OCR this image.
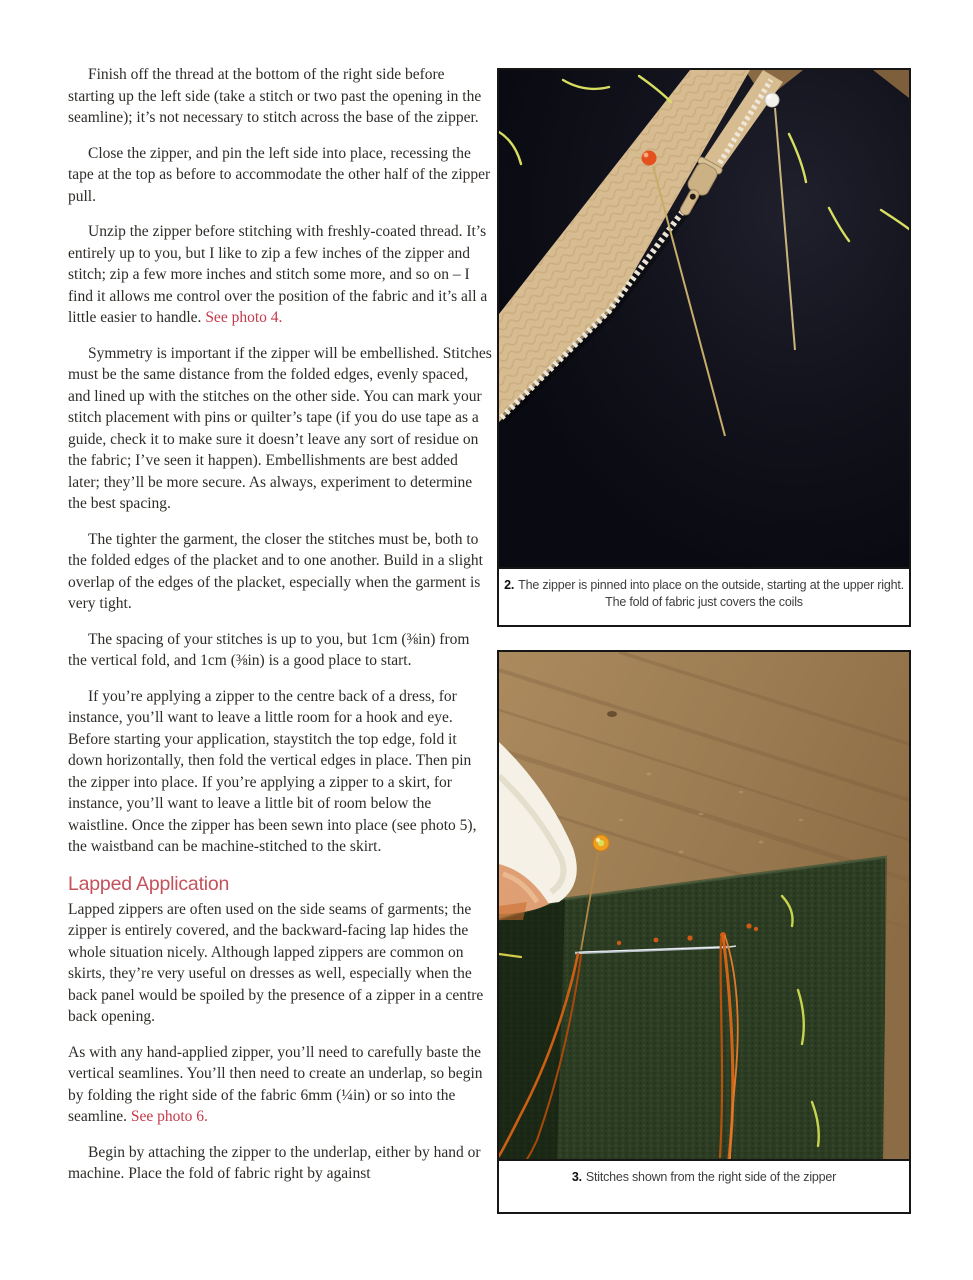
Finish off the thread at the bottom of the right side before starting up the left side (take a stitch or two past the opening in the seamline); it’s not necessary to stitch across the base of the zipper.

Close the zipper, and pin the left side into place, recessing the tape at the top as before to accommodate the other half of the zipper pull.

Unzip the zipper before stitching with freshly-coated thread. It’s entirely up to you, but I like to zip a few inches of the zipper and stitch; zip a few more inches and stitch some more, and so on – I find it allows me control over the position of the fabric and it’s all a little easier to handle. See photo 4.

Symmetry is important if the zipper will be embellished. Stitches must be the same distance from the folded edges, evenly spaced, and lined up with the stitches on the other side. You can mark your stitch placement with pins or quilter’s tape (if you do use tape as a guide, check it to make sure it doesn’t leave any sort of residue on the fabric; I’ve seen it happen). Embellishments are best added later; they’ll be more secure. As always, experiment to determine the best spacing.

The tighter the garment, the closer the stitches must be, both to the folded edges of the placket and to one another. Build in a slight overlap of the edges of the placket, especially when the garment is very tight.

The spacing of your stitches is up to you, but 1cm (⅜in) from the vertical fold, and 1cm (⅜in) is a good place to start.

If you’re applying a zipper to the centre back of a dress, for instance, you’ll want to leave a little room for a hook and eye. Before starting your application, staystitch the top edge, fold it down horizontally, then fold the vertical edges in place. Then pin the zipper into place. If you’re applying a zipper to a skirt, for instance, you’ll want to leave a little bit of room below the waistline. Once the zipper has been sewn into place (see photo 5), the waistband can be machine-stitched to the skirt.

Lapped Application

Lapped zippers are often used on the side seams of garments; the zipper is entirely covered, and the backward-facing lap hides the whole situation nicely. Although lapped zippers are common on skirts, they’re very useful on dresses as well, especially when the back panel would be spoiled by the presence of a zipper in a centre back opening.

As with any hand-applied zipper, you’ll need to carefully baste the vertical seamlines. You’ll then need to create an underlap, so begin by folding the right side of the fabric 6mm (¼in) or so into the seamline. See photo 6.

Begin by attaching the zipper to the underlap, either by hand or machine. Place the fold of fabric right by against

2. The zipper is pinned into place on the outside, starting at the upper right. The fold of fabric just covers the coils
3. Stitches shown from the right side of the zipper
